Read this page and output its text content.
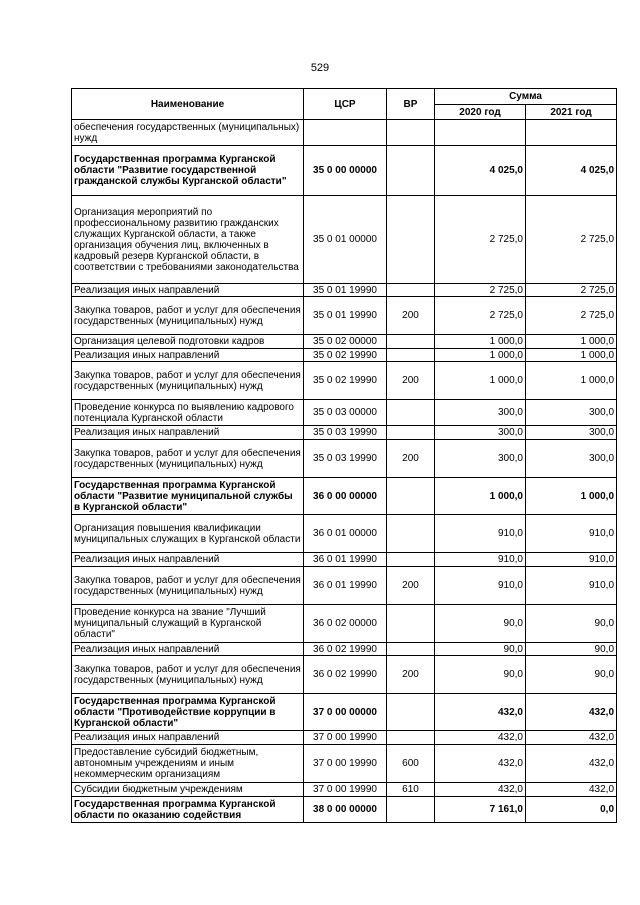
529
Наименование	ЦСР	ВР	Сумма	
			2020 год	2021 год
обеспечения государственных (муниципальных) нужд				
Государственная программа Курганской области "Развитие государственной гражданской службы Курганской области"	35 0 00 00000		4 025,0	4 025,0
Организация мероприятий по профессиональному развитию гражданских служащих Курганской области, а также организация обучения лиц, включенных в кадровый резерв Курганской области, в соответствии с требованиями законодательства	35 0 01 00000		2 725,0	2 725,0
Реализация иных направлений	35 0 01 19990		2 725,0	2 725,0
Закупка товаров, работ и услуг для обеспечения государственных (муниципальных) нужд	35 0 01 19990	200	2 725,0	2 725,0
Организация целевой подготовки кадров	35 0 02 00000		1 000,0	1 000,0
Реализация иных направлений	35 0 02 19990		1 000,0	1 000,0
Закупка товаров, работ и услуг для обеспечения государственных (муниципальных) нужд	35 0 02 19990	200	1 000,0	1 000,0
Проведение конкурса по выявлению кадрового потенциала Курганской области	35 0 03 00000		300,0	300,0
Реализация иных направлений	35 0 03 19990		300,0	300,0
Закупка товаров, работ и услуг для обеспечения государственных (муниципальных) нужд	35 0 03 19990	200	300,0	300,0
Государственная программа Курганской области "Развитие муниципальной службы в Курганской области"	36 0 00 00000		1 000,0	1 000,0
Организация повышения квалификации муниципальных служащих в Курганской области	36 0 01 00000		910,0	910,0
Реализация иных направлений	36 0 01 19990		910,0	910,0
Закупка товаров, работ и услуг для обеспечения государственных (муниципальных) нужд	36 0 01 19990	200	910,0	910,0
Проведение конкурса на звание "Лучший муниципальный служащий в Курганской области"	36 0 02 00000		90,0	90,0
Реализация иных направлений	36 0 02 19990		90,0	90,0
Закупка товаров, работ и услуг для обеспечения государственных (муниципальных) нужд	36 0 02 19990	200	90,0	90,0
Государственная программа Курганской области "Противодействие коррупции в Курганской области"	37 0 00 00000		432,0	432,0
Реализация иных направлений	37 0 00 19990		432,0	432,0
Предоставление субсидий бюджетным, автономным учреждениям и иным некоммерческим организациям	37 0 00 19990	600	432,0	432,0
Субсидии бюджетным учреждениям	37 0 00 19990	610	432,0	432,0
Государственная программа Курганской области по оказанию содействия	38 0 00 00000		7 161,0	0,0
